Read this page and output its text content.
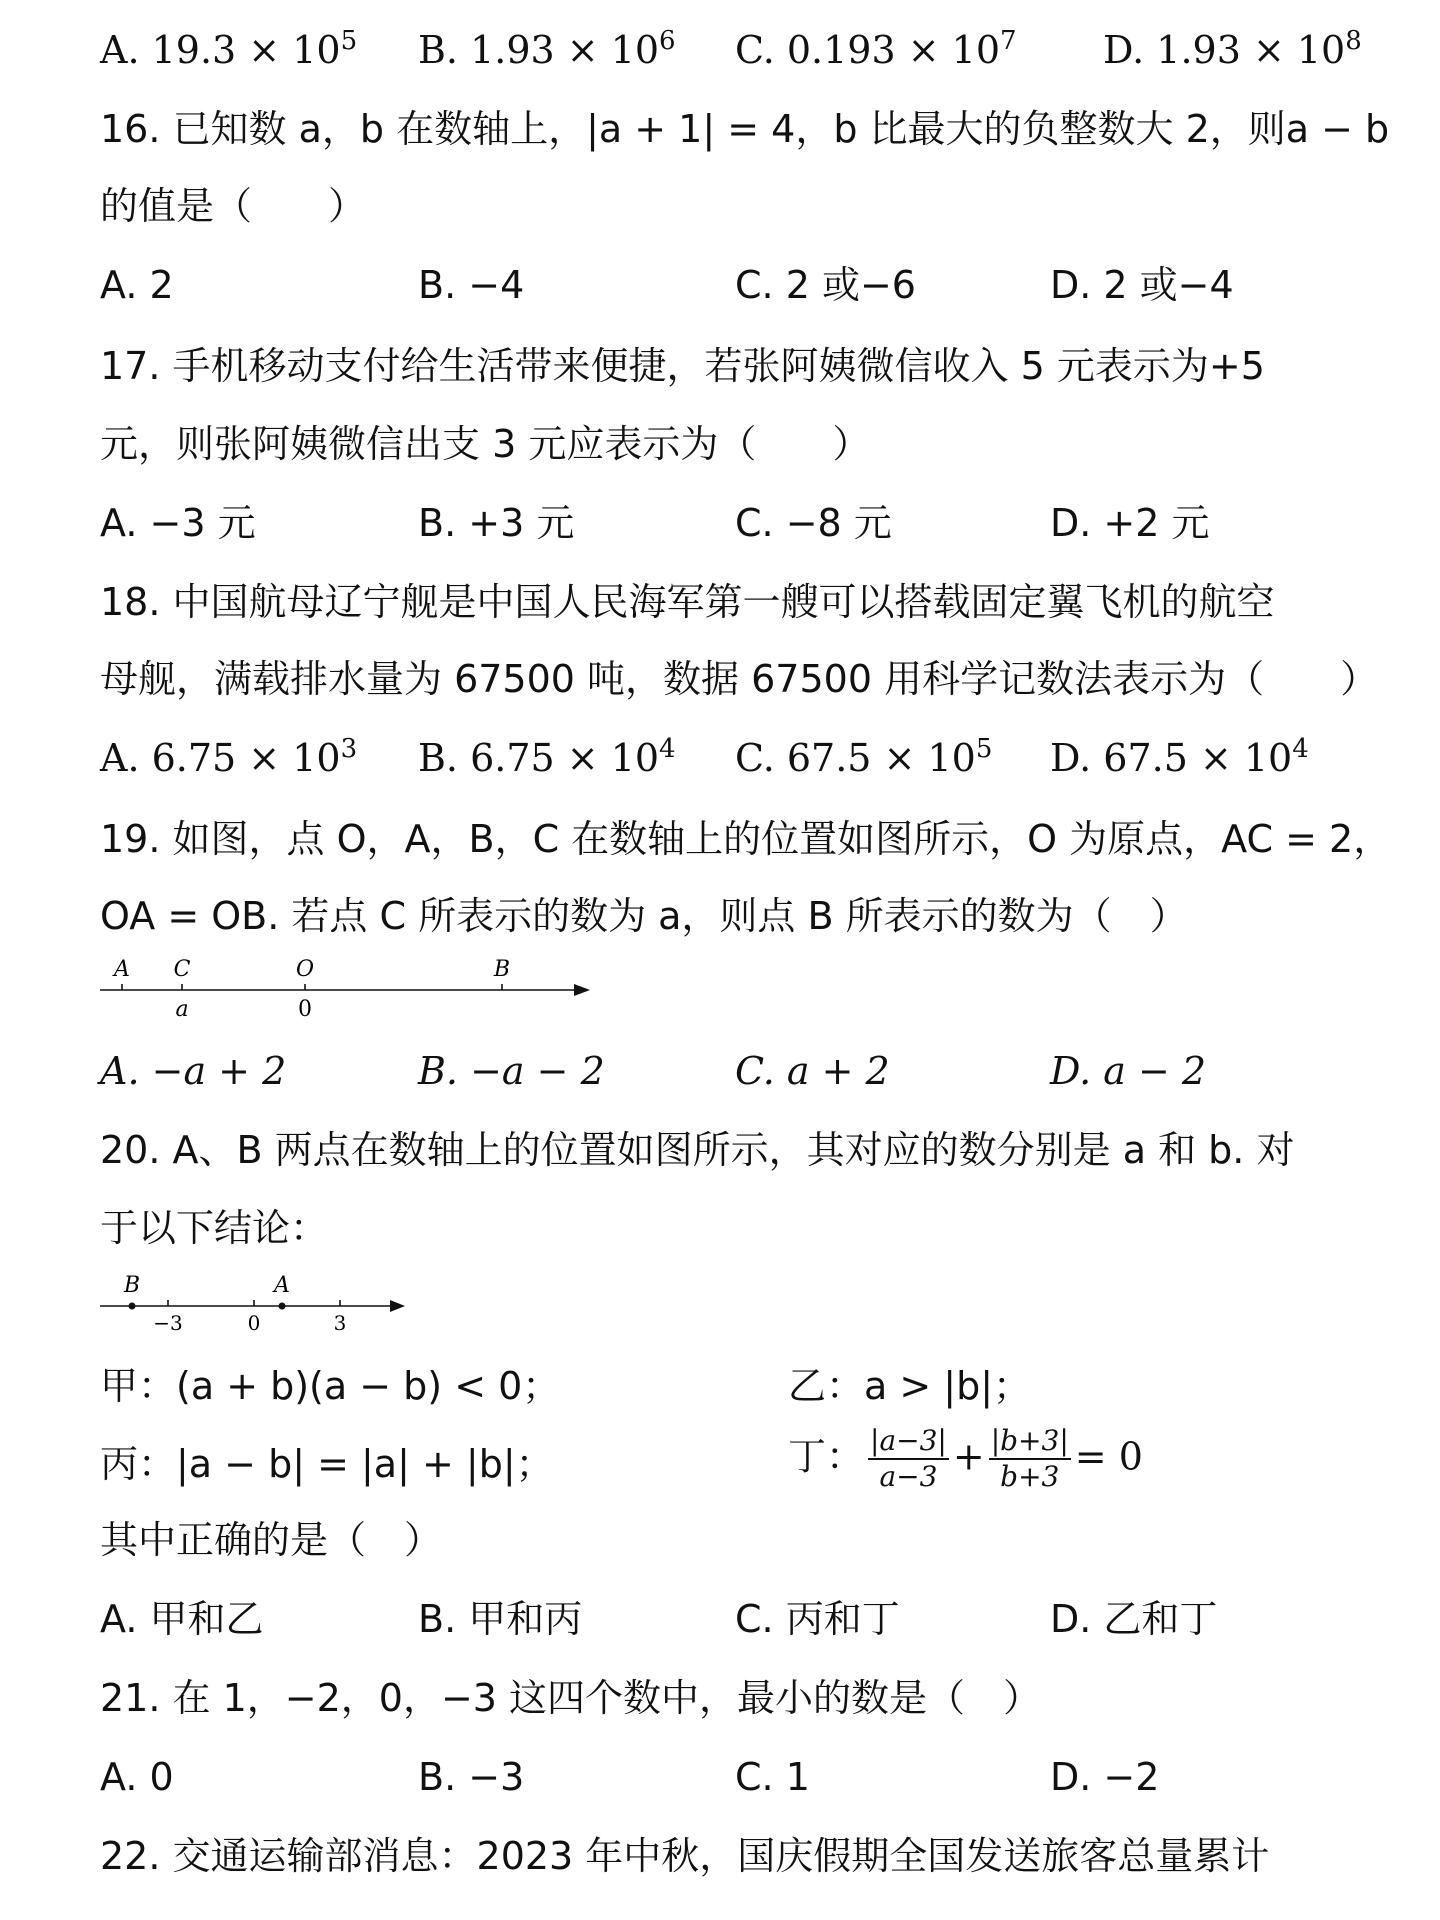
A. $19.3 \times 10^5$ B. $1.93 \times 10^6$ C. $0.193 \times 10^7$ D. $1.93 \times 10^8$
16. 已知数 a，b 在数轴上，|a + 1| = 4，b 比最大的负整数大 2，则a − b
的值是（　　）
A. 2	B. −4	C. 2 或−6	D. 2 或−4
17. 手机移动支付给生活带来便捷，若张阿姨微信收入 5 元表示为+5
元，则张阿姨微信出支 3 元应表示为（　　）
A. −3 元	B. +3 元	C. −8 元	D. +2 元
18. 中国航母辽宁舰是中国人民海军第一艘可以搭载固定翼飞机的航空
母舰，满载排水量为 67500 吨，数据 67500 用科学记数法表示为（　　）
A. $6.75 \times 10^3$ B. $6.75 \times 10^4$ C. $67.5 \times 10^5$ D. $67.5 \times 10^4$
19. 如图，点 O，A，B，C 在数轴上的位置如图所示，O 为原点，AC = 2，
OA = OB. 若点 C 所表示的数为 a，则点 B 所表示的数为（　）
A C	O	B
a	0
A. −a + 2	B. −a − 2	C. a + 2	D. a − 2
20. A、B 两点在数轴上的位置如图所示，其对应的数分别是 a 和 b. 对
于以下结论：
B	A
−3	0	3
甲：(a + b)(a − b) < 0；	乙：a > |b|；
丙：|a − b| = |a| + |b|；	丁： $\frac{|a-3|}{a-3} + \frac{|b+3|}{b+3} = 0$
其中正确的是（　）
A. 甲和乙	B. 甲和丙	C. 丙和丁	D. 乙和丁
21. 在 1，−2，0，−3 这四个数中，最小的数是（　）
A. 0	B. −3	C. 1	D. −2
22. 交通运输部消息：2023 年中秋，国庆假期全国发送旅客总量累计
